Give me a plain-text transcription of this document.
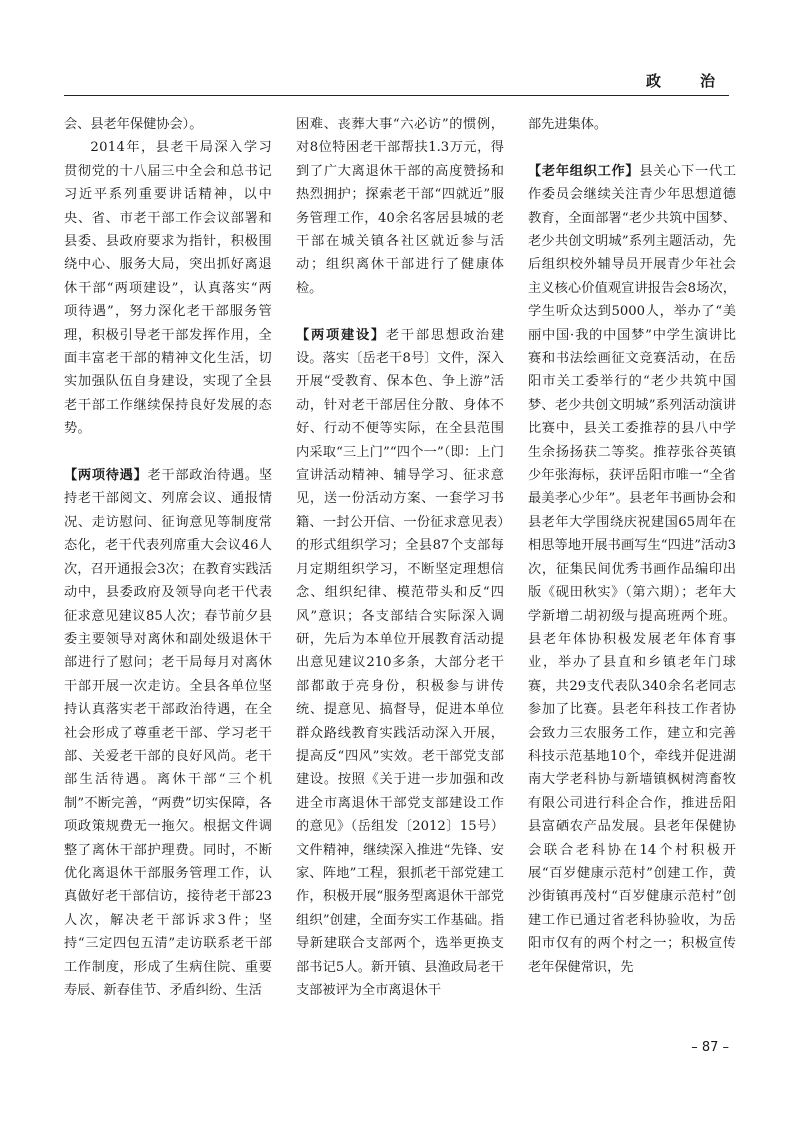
政　治

会、县老年保健协会）。

2014年，县老干局深入学习贯彻党的十八届三中全会和总书记习近平系列重要讲话精神，以中央、省、市老干部工作会议部署和县委、县政府要求为指针，积极围绕中心、服务大局，突出抓好离退休干部“两项建设”，认真落实“两项待遇”，努力深化老干部服务管理，积极引导老干部发挥作用，全面丰富老干部的精神文化生活，切实加强队伍自身建设，实现了全县老干部工作继续保持良好发展的态势。

【两项待遇】老干部政治待遇。坚持老干部阅文、列席会议、通报情况、走访慰问、征询意见等制度常态化，老干代表列席重大会议46人次，召开通报会3次；在教育实践活动中，县委政府及领导向老干代表征求意见建议85人次；春节前夕县委主要领导对离休和副处级退休干部进行了慰问；老干局每月对离休干部开展一次走访。全县各单位坚持认真落实老干部政治待遇，在全社会形成了尊重老干部、学习老干部、关爱老干部的良好风尚。老干部生活待遇。离休干部“三个机制”不断完善，“两费”切实保障，各项政策规费无一拖欠。根据文件调整了离休干部护理费。同时，不断优化离退休干部服务管理工作，认真做好老干部信访，接待老干部23人次，解决老干部诉求3件；坚持“三定四包五清”走访联系老干部工作制度，形成了生病住院、重要寿辰、新春佳节、矛盾纠纷、生活

困难、丧葬大事“六必访”的惯例，对8位特困老干部帮扶1.3万元，得到了广大离退休干部的高度赞扬和热烈拥护；探索老干部“四就近”服务管理工作，40余名客居县城的老干部在城关镇各社区就近参与活动；组织离休干部进行了健康体检。

【两项建设】老干部思想政治建设。落实〔岳老干8号〕文件，深入开展“受教育、保本色、争上游”活动，针对老干部居住分散、身体不好、行动不便等实际，在全县范围内采取“三上门”“四个一”（即：上门宣讲活动精神、辅导学习、征求意见，送一份活动方案、一套学习书籍、一封公开信、一份征求意见表）的形式组织学习；全县87个支部每月定期组织学习，不断坚定理想信念、组织纪律、模范带头和反“四风”意识；各支部结合实际深入调研，先后为本单位开展教育活动提出意见建议210多条，大部分老干部都敢于亮身份，积极参与讲传统、提意见、搞督导，促进本单位群众路线教育实践活动深入开展，提高反“四风”实效。老干部党支部建设。按照《关于进一步加强和改进全市离退休干部党支部建设工作的意见》（岳组发〔2012〕15号）文件精神，继续深入推进“先锋、安家、阵地”工程，狠抓老干部党建工作，积极开展“服务型离退休干部党组织”创建，全面夯实工作基础。指导新建联合支部两个，选举更换支部书记5人。新开镇、县渔政局老干支部被评为全市离退休干

部先进集体。

【老年组织工作】县关心下一代工作委员会继续关注青少年思想道德教育，全面部署“老少共筑中国梦、老少共创文明城”系列主题活动，先后组织校外辅导员开展青少年社会主义核心价值观宣讲报告会8场次，学生听众达到5000人，举办了“美丽中国·我的中国梦”中学生演讲比赛和书法绘画征文竞赛活动，在岳阳市关工委举行的“老少共筑中国梦、老少共创文明城”系列活动演讲比赛中，县关工委推荐的县八中学生余扬扬获二等奖。推荐张谷英镇少年张海标，获评岳阳市唯一“全省最美孝心少年”。县老年书画协会和县老年大学围绕庆祝建国65周年在相思等地开展书画写生“四进”活动3次，征集民间优秀书画作品编印出版《砚田秋实》（第六期）；老年大学新增二胡初级与提高班两个班。县老年体协积极发展老年体育事业，举办了县直和乡镇老年门球赛，共29支代表队340余名老同志参加了比赛。县老年科技工作者协会致力三农服务工作，建立和完善科技示范基地10个，牵线并促进湖南大学老科协与新墙镇枫树湾畜牧有限公司进行科企合作，推进岳阳县富硒农产品发展。县老年保健协会联合老科协在14个村积极开展“百岁健康示范村”创建工作，黄沙街镇再茂村“百岁健康示范村”创建工作已通过省老科协验收，为岳阳市仅有的两个村之一；积极宣传老年保健常识，先

– 87 –
